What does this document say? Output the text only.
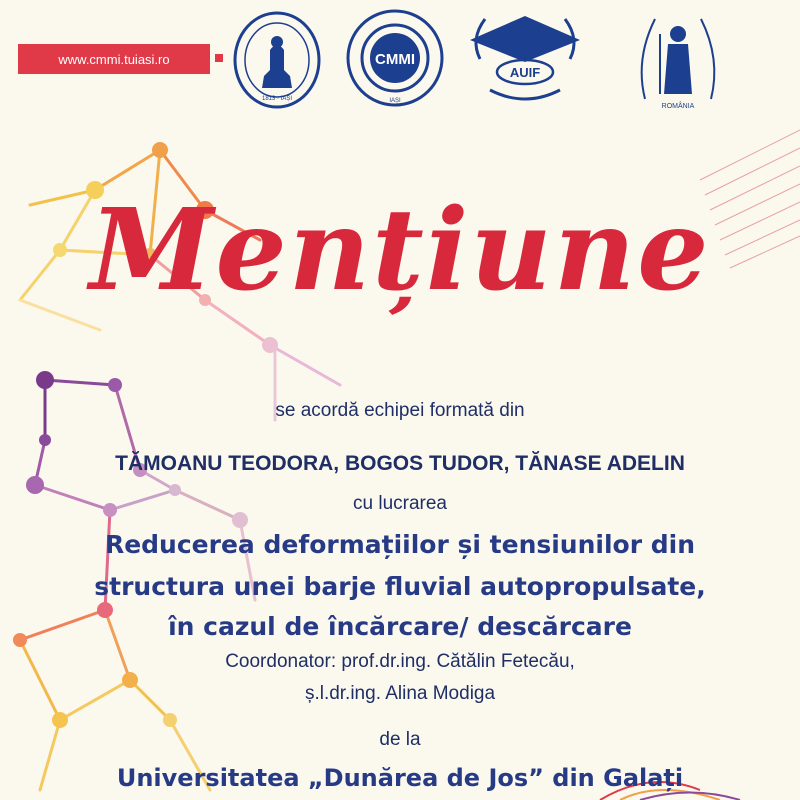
www.cmmi.tuiasi.ro
1813 · IAȘI
CMMI
IAȘI
AUIF
ROMÂNIA
Mențiune
se acordă echipei formată din
TĂMOANU TEODORA, BOGOS TUDOR, TĂNASE ADELIN
cu lucrarea
Reducerea deformațiilor și tensiunilor din
structura unei barje fluvial autopropulsate,
în cazul de încărcare/ descărcare
Coordonator: prof.dr.ing. Cătălin Fetecău,
ș.l.dr.ing. Alina Modiga
de la
Universitatea „Dunărea de Jos” din Galați
